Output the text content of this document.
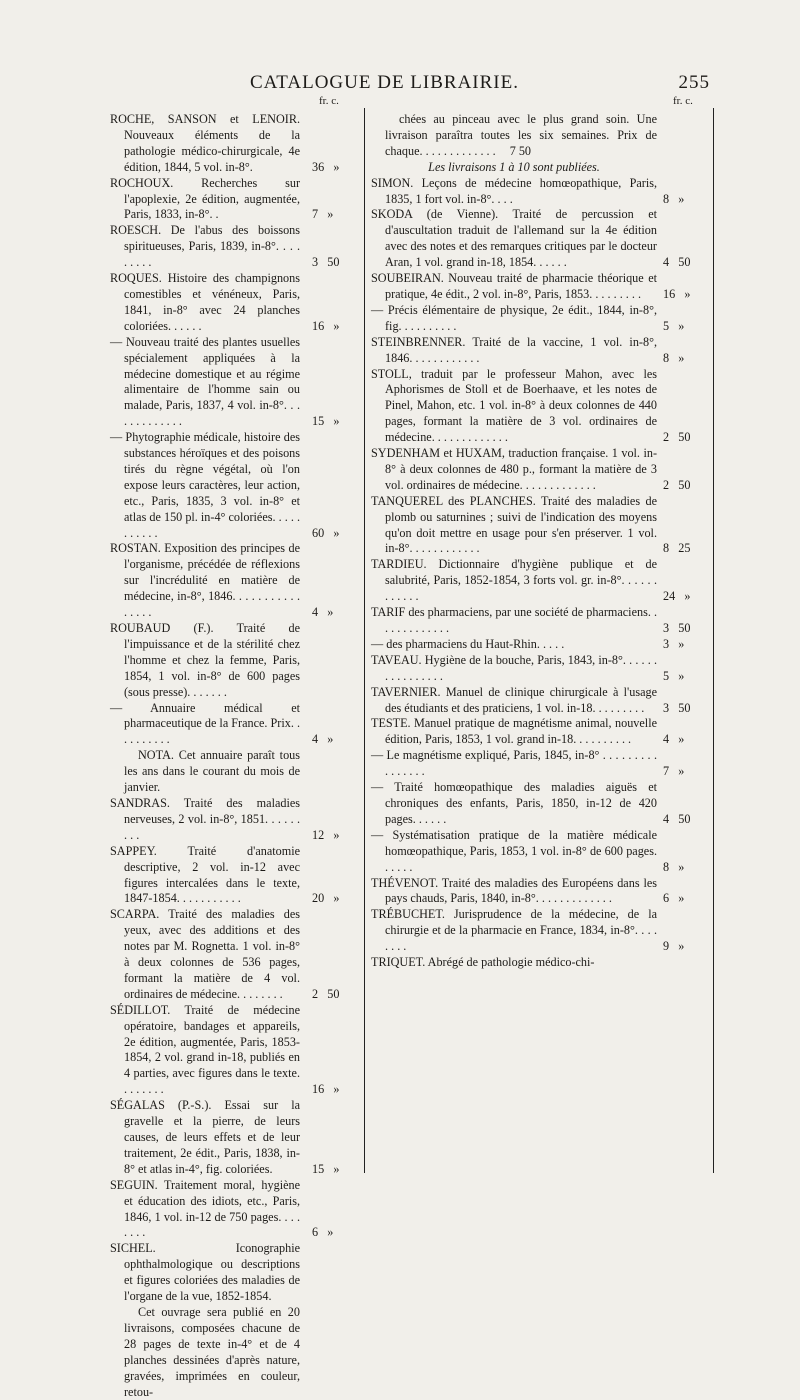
CATALOGUE DE LIBRAIRIE.	255
fr. c.	fr. c.
ROCHE, SANSON et LENOIR. Nouveaux éléments de la pathologie médico-chirurgicale, 4e édition, 1844, 5 vol. in-8°.	36   »
ROCHOUX. Recherches sur l'apoplexie, 2e édition, augmentée, Paris, 1833, in-8°. .	7   »
ROESCH. De l'abus des boissons spiritueuses, Paris, 1839, in-8°. . . . . . . . .	3   50
ROQUES. Histoire des champignons comestibles et vénéneux, Paris, 1841, in-8° avec 24 planches coloriées. . . . . .	16   »
— Nouveau traité des plantes usuelles spécialement appliquées à la médecine domestique et au régime alimentaire de l'homme sain ou malade, Paris, 1837, 4 vol. in-8°. . . . . . . . . . . . .	15   »
— Phytographie médicale, histoire des substances héroïques et des poisons tirés du règne végétal, où l'on expose leurs caractères, leur action, etc., Paris, 1835, 3 vol. in-8° et atlas de 150 pl. in-4° coloriées. . . . . . . . . . .	60   »
ROSTAN. Exposition des principes de l'organisme, précédée de réflexions sur l'incrédulité en matière de médecine, in-8°, 1846. . . . . . . . . . . . . . . .	4   »
ROUBAUD (F.). Traité de l'impuissance et de la stérilité chez l'homme et chez la femme, Paris, 1854, 1 vol. in-8° de 600 pages (sous presse). . . . . . .
— Annuaire médical et pharmaceutique de la France. Prix. . . . . . . . . .	4   »
NOTA. Cet annuaire paraît tous les ans dans le courant du mois de janvier.
SANDRAS. Traité des maladies nerveuses, 2 vol. in-8°, 1851. . . . . . . . .	12   »
SAPPEY. Traité d'anatomie descriptive, 2 vol. in-12 avec figures intercalées dans le texte, 1847-1854. . . . . . . . . . .	20   »
SCARPA. Traité des maladies des yeux, avec des additions et des notes par M. Rognetta. 1 vol. in-8° à deux colonnes de 536 pages, formant la matière de 4 vol. ordinaires de médecine. . . . . . . . 2   50
SÉDILLOT. Traité de médecine opératoire, bandages et appareils, 2e édition, augmentée, Paris, 1853-1854, 2 vol. grand in-18, publiés en 4 parties, avec figures dans le texte. . . . . . . .	16   »
SÉGALAS (P.-S.). Essai sur la gravelle et la pierre, de leurs causes, de leurs effets et de leur traitement, 2e édit., Paris, 1838, in-8° et atlas in-4°, fig. coloriées.	15   »
SEGUIN. Traitement moral, hygiène et éducation des idiots, etc., Paris, 1846, 1 vol. in-12 de 750 pages. . . . . . . .	6   »
SICHEL. Iconographie ophthalmologique ou descriptions et figures coloriées des maladies de l'organe de la vue, 1852-1854.
Cet ouvrage sera publié en 20 livraisons, composées chacune de 28 pages de texte in-4° et de 4 planches dessinées d'après nature, gravées, imprimées en couleur, retou-
chées au pinceau avec le plus grand soin. Une livraison paraîtra toutes les six semaines. Prix de chaque. . . . . . . . . . . . .	7 50
Les livraisons 1 à 10 sont publiées.
SIMON. Leçons de médecine homœopathique, Paris, 1835, 1 fort vol. in-8°. . . .	8   »
SKODA (de Vienne). Traité de percussion et d'auscultation traduit de l'allemand sur la 4e édition avec des notes et des remarques critiques par le docteur Aran, 1 vol. grand in-18, 1854. . . . . .	4   50
SOUBEIRAN. Nouveau traité de pharmacie théorique et pratique, 4e édit., 2 vol. in-8°, Paris, 1853. . . . . . . . . 16   »
— Précis élémentaire de physique, 2e édit., 1844, in-8°, fig. . . . . . . . . .	5   »
STEINBRENNER. Traité de la vaccine, 1 vol. in-8°, 1846. . . . . . . . . . . .	8   »
STOLL, traduit par le professeur Mahon, avec les Aphorismes de Stoll et de Boerhaave, et les notes de Pinel, Mahon, etc. 1 vol. in-8° à deux colonnes de 440 pages, formant la matière de 3 vol. ordinaires de médecine. . . . . . . . . . . . .	2   50
SYDENHAM et HUXAM, traduction française. 1 vol. in-8° à deux colonnes de 480 p., formant la matière de 3 vol. ordinaires de médecine. . . . . . . . . . . . .	2   50
TANQUEREL des PLANCHES. Traité des maladies de plomb ou saturnines ; suivi de l'indication des moyens qu'on doit mettre en usage pour s'en préserver. 1 vol. in-8°. . . . . . . . . . . .	8   25
TARDIEU. Dictionnaire d'hygiène publique et de salubrité, Paris, 1852-1854, 3 forts vol. gr. in-8°. . . . . . . . . . . .	24   »
TARIF des pharmaciens, par une société de pharmaciens. . . . . . . . . . . . .	3   50
— des pharmaciens du Haut-Rhin. . . . .	3   »
TAVEAU. Hygiène de la bouche, Paris, 1843, in-8°. . . . . . . . . . . . . . . .	5   »
TAVERNIER. Manuel de clinique chirurgicale à l'usage des étudiants et des praticiens, 1 vol. in-18. . . . . . . . . 3   50
TESTE. Manuel pratique de magnétisme animal, nouvelle édition, Paris, 1853, 1 vol. grand in-18. . . . . . . . . .	4   »
— Le magnétisme expliqué, Paris, 1845, in-8° . . . . . . . . . . . . . . . .	7   »
— Traité homœopathique des maladies aiguës et chroniques des enfants, Paris, 1850, in-12 de 420 pages. . . . . .	4   50
— Systématisation pratique de la matière médicale homœopathique, Paris, 1853, 1 vol. in-8° de 600 pages. . . . . .	8   »
THÉVENOT. Traité des maladies des Européens dans les pays chauds, Paris, 1840, in-8°. . . . . . . . . . . . .	6   »
TRÉBUCHET. Jurisprudence de la médecine, de la chirurgie et de la pharmacie en France, 1834, in-8°. . . . . . . .	9   »
TRIQUET. Abrégé de pathologie médico-chi-
